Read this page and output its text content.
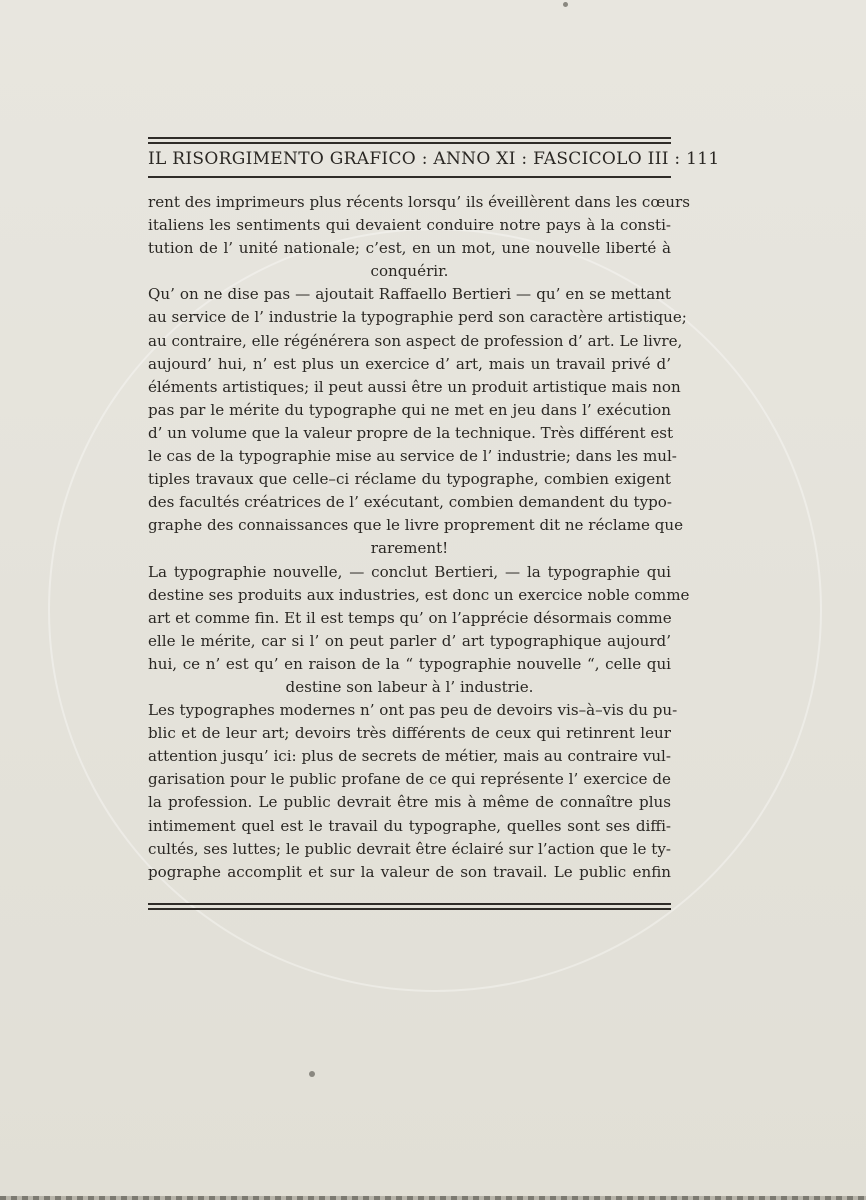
IL RISORGIMENTO GRAFICO : ANNO XI : FASCICOLO III : 111
rent des imprimeurs plus récents lorsqu’ ils éveillèrent dans les cœurs
italiens les sentiments qui devaient conduire notre pays à la consti-
tution de l’ unité nationale; c’est, en un mot, une nouvelle liberté à
conquérir.
Qu’ on ne dise pas — ajoutait Raffaello Bertieri — qu’ en se mettant
au service de l’ industrie la typographie perd son caractère artistique;
au contraire, elle régénérera son aspect de profession d’ art. Le livre,
aujourd’ hui, n’ est plus un exercice d’ art, mais un travail privé d’
éléments artistiques; il peut aussi être un produit artistique mais non
pas par le mérite du typographe qui ne met en jeu dans l’ exécution
d’ un volume que la valeur propre de la technique. Très différent est
le cas de la typographie mise au service de l’ industrie; dans les mul-
tiples travaux que celle–ci réclame du typographe, combien exigent
des facultés créatrices de l’ exécutant, combien demandent du typo-
graphe des connaissances que le livre proprement dit ne réclame que
rarement!
La typographie nouvelle, — conclut Bertieri, — la typographie qui
destine ses produits aux industries, est donc un exercice noble comme
art et comme fin. Et il est temps qu’ on l’apprécie désormais comme
elle le mérite, car si l’ on peut parler d’ art typographique aujourd’
hui, ce n’ est qu’ en raison de la “ typographie nouvelle “, celle qui
destine son labeur à l’ industrie.
Les typographes modernes n’ ont pas peu de devoirs vis–à–vis du pu-
blic et de leur art; devoirs très différents de ceux qui retinrent leur
attention jusqu’ ici: plus de secrets de métier, mais au contraire vul-
garisation pour le public profane de ce qui représente l’ exercice de
la profession. Le public devrait être mis à même de connaître plus
intimement quel est le travail du typographe, quelles sont ses diffi-
cultés, ses luttes; le public devrait être éclairé sur l’action que le ty-
pographe accomplit et sur la valeur de son travail. Le public enfin
